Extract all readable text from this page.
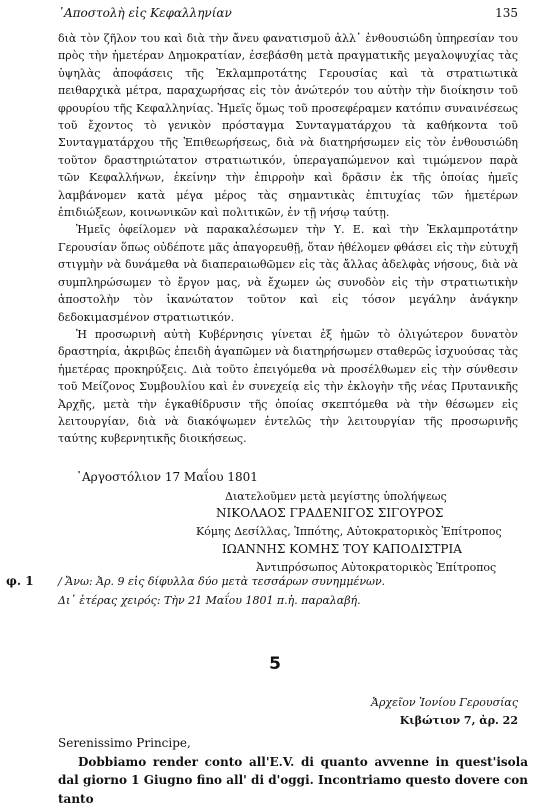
᾿Αποστολὴ εἰς Κεφαλληνίαν	135

διὰ τὸν ζῆλον του καὶ διὰ τὴν ἄνευ φανατισμοῦ ἀλλ᾿ ἐνθουσιώδη ὑπηρεσίαν του πρὸς τὴν ἡμετέραν Δημοκρατίαν, ἐσεβάσθη μετὰ πραγματικῆς μεγαλοψυχίας τὰς ὑψηλὰς ἀποφάσεις τῆς Ἐκλαμπροτάτης Γερουσίας καὶ τὰ στρατιωτικὰ πειθαρχικὰ μέτρα, παραχωρήσας εἰς τὸν ἀνώτερόν του αὐτὴν τὴν διοίκησιν τοῦ φρουρίου τῆς Κεφαλληνίας. Ἡμεῖς ὅμως τοῦ προσεφέραμεν κατόπιν συναινέσεως τοῦ ἔχοντος τὸ γενικὸν πρόσταγμα Συνταγματάρχου τὰ καθήκοντα τοῦ Συνταγματάρχου τῆς Ἐπιθεωρήσεως, διὰ νὰ διατηρήσωμεν εἰς τὸν ἐνθουσιώδη τοῦτον δραστηριώτατον στρατιωτικόν, ὑπεραγαπώμενον καὶ τιμώμενον παρὰ τῶν Κεφαλλήνων, ἐκείνην τὴν ἐπιρροὴν καὶ δρᾶσιν ἐκ τῆς ὁποίας ἡμεῖς λαμβάνομεν κατὰ μέγα μέρος τὰς σημαντικὰς ἐπιτυχίας τῶν ἡμετέρων ἐπιδιώξεων, κοινωνικῶν καὶ πολιτικῶν, ἐν τῇ νήσῳ ταύτῃ.

Ἡμεῖς ὀφείλομεν νὰ παρακαλέσωμεν τὴν Υ. Ε. καὶ τὴν Ἐκλαμπροτάτην Γερουσίαν ὅπως οὐδέποτε μᾶς ἀπαγορευθῇ, ὅταν ἠθέλομεν φθάσει εἰς τὴν εὐτυχῆ στιγμὴν νὰ δυνάμεθα νὰ διαπεραιωθῶμεν εἰς τὰς ἄλλας ἀδελφὰς νήσους, διὰ νὰ συμπληρώσωμεν τὸ ἔργον μας, νὰ ἔχωμεν ὡς συνοδὸν εἰς τὴν στρατιωτικὴν ἀποστολὴν τὸν ἱκανώτατον τοῦτον καὶ εἰς τόσον μεγάλην ἀνάγκην δεδοκιμασμένον στρατιωτικόν.

Ἡ προσωρινὴ αὐτὴ Κυβέρνησις γίνεται ἐξ ἡμῶν τὸ ὀλιγώτερον δυνατὸν δραστηρία, ἀκριβῶς ἐπειδὴ ἀγαπῶμεν νὰ διατηρήσωμεν σταθερῶς ἰσχυούσας τὰς ἡμετέρας προκηρύξεις. Διὰ τοῦτο ἐπειγόμεθα νὰ προσέλθωμεν εἰς τὴν σύνθεσιν τοῦ Μείζονος Συμβουλίου καὶ ἐν συνεχείᾳ εἰς τὴν ἐκλογὴν τῆς νέας Πρυτανικῆς Ἀρχῆς, μετὰ τὴν ἐγκαθίδρυσιν τῆς ὁποίας σκεπτόμεθα νὰ τὴν θέσωμεν εἰς λειτουργίαν, διὰ νὰ διακόψωμεν ἐντελῶς τὴν λειτουργίαν τῆς προσωρινῆς ταύτης κυβερνητικῆς διοικήσεως.

᾿Αργοστόλιον 17 Μαΐου 1801
Διατελοῦμεν μετὰ μεγίστης ὑπολήψεως
ΝΙΚΟΛΑΟΣ ΓΡΑΔΕΝΙΓΟΣ ΣΙΓΟΥΡΟΣ
Κόμης Δεσίλλας, Ἱππότης, Αὐτοκρατορικὸς Ἐπίτροπος
ΙΩΑΝΝΗΣ ΚΟΜΗΣ ΤΟΥ ΚΑΠΟΔΙΣΤΡΙΑ
Ἀντιπρόσωπος Αὐτοκρατορικὸς Ἐπίτροπος
φ. 1 / Ἄνω: Ἀρ. 9 εἰς δίφυλλα δύο μετὰ τεσσάρων συνημμένων.
Δι᾿ ἑτέρας χειρός: Τὴν 21 Μαΐου 1801 π.ἡ. παραλαβή.
5
Ἀρχεῖον Ἰονίου Γερουσίας
Κιβώτιον 7, ἀρ. 22

Serenissimo Principe,

Dobbiamo render conto all'E.V. di quanto avvenne in quest'isola dal giorno 1 Giugno fino all' di d'oggi. Incontriamo questo dovere con tanto
